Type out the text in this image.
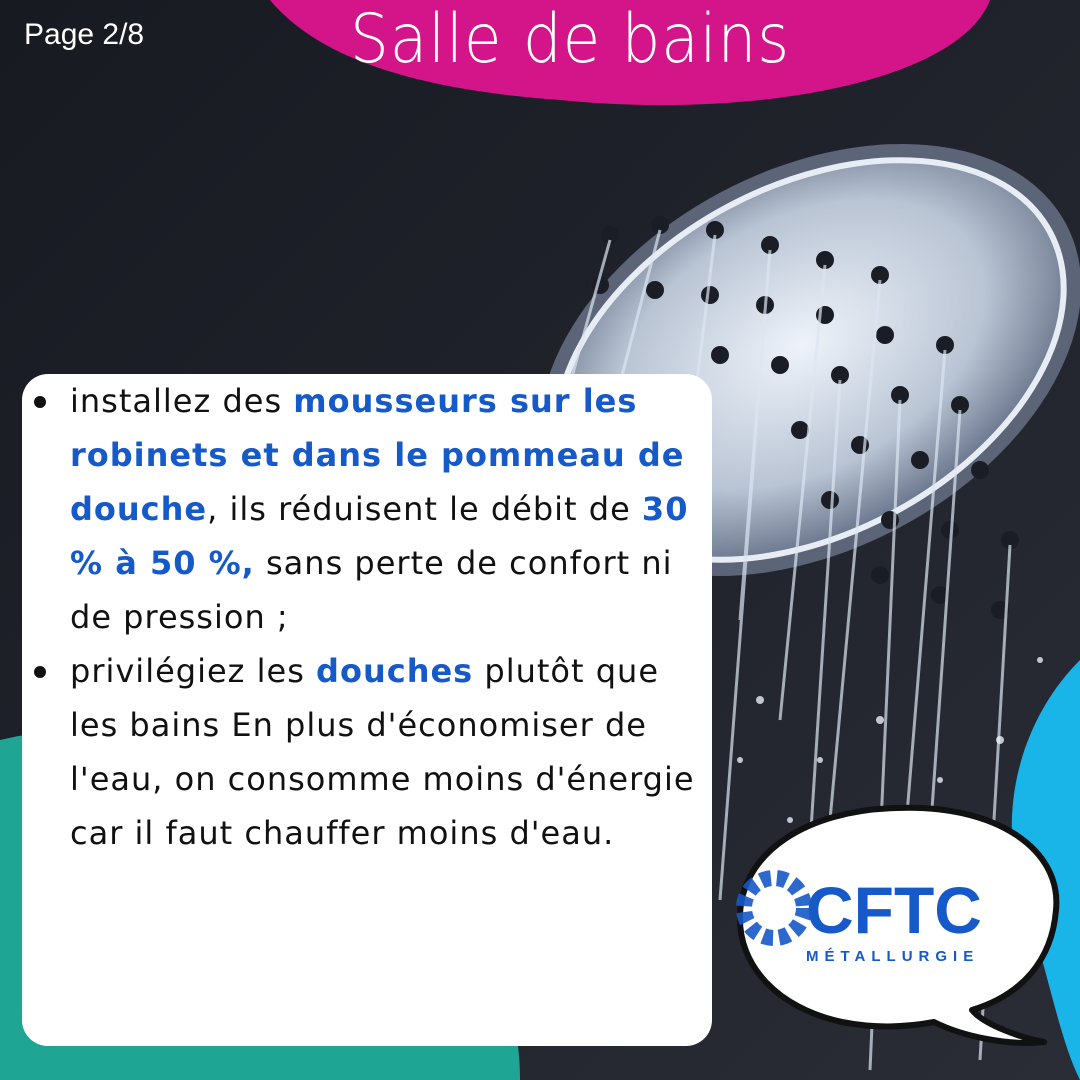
Page 2/8	Salle de bains
installez des mousseurs sur les robinets et dans le pommeau de douche, ils réduisent le débit de 30 % à 50 %, sans perte de confort ni de pression ;
privilégiez les douches plutôt que les bains En plus d'économiser de l'eau, on consomme moins d'énergie car il faut chauffer moins d'eau.
CFTC
MÉTALLURGIE
